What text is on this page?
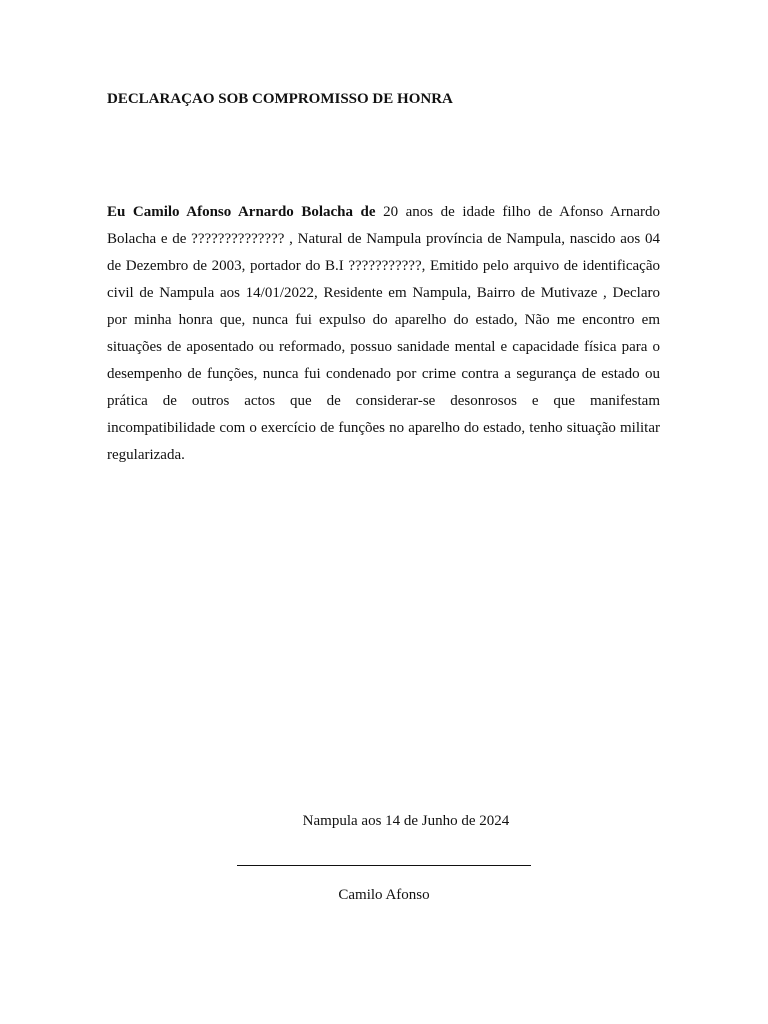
DECLARAÇAO SOB COMPROMISSO DE HONRA

Eu Camilo Afonso Arnardo Bolacha de 20 anos de idade filho de Afonso Arnardo Bolacha e de ?????????????? , Natural de Nampula província de Nampula, nascido aos 04 de Dezembro de 2003, portador do B.I ???????????, Emitido pelo arquivo de identificação civil de Nampula aos 14/01/2022, Residente em Nampula, Bairro de Mutivaze , Declaro por minha honra que, nunca fui expulso do aparelho do estado, Não me encontro em situações de aposentado ou reformado, possuo sanidade mental e capacidade física para o desempenho de funções, nunca fui condenado por crime contra a segurança de estado ou prática de outros actos que de considerar-se desonrosos e que manifestam incompatibilidade com o exercício de funções no aparelho do estado, tenho situação militar regularizada.

Nampula aos 14 de Junho de 2024
Camilo Afonso
